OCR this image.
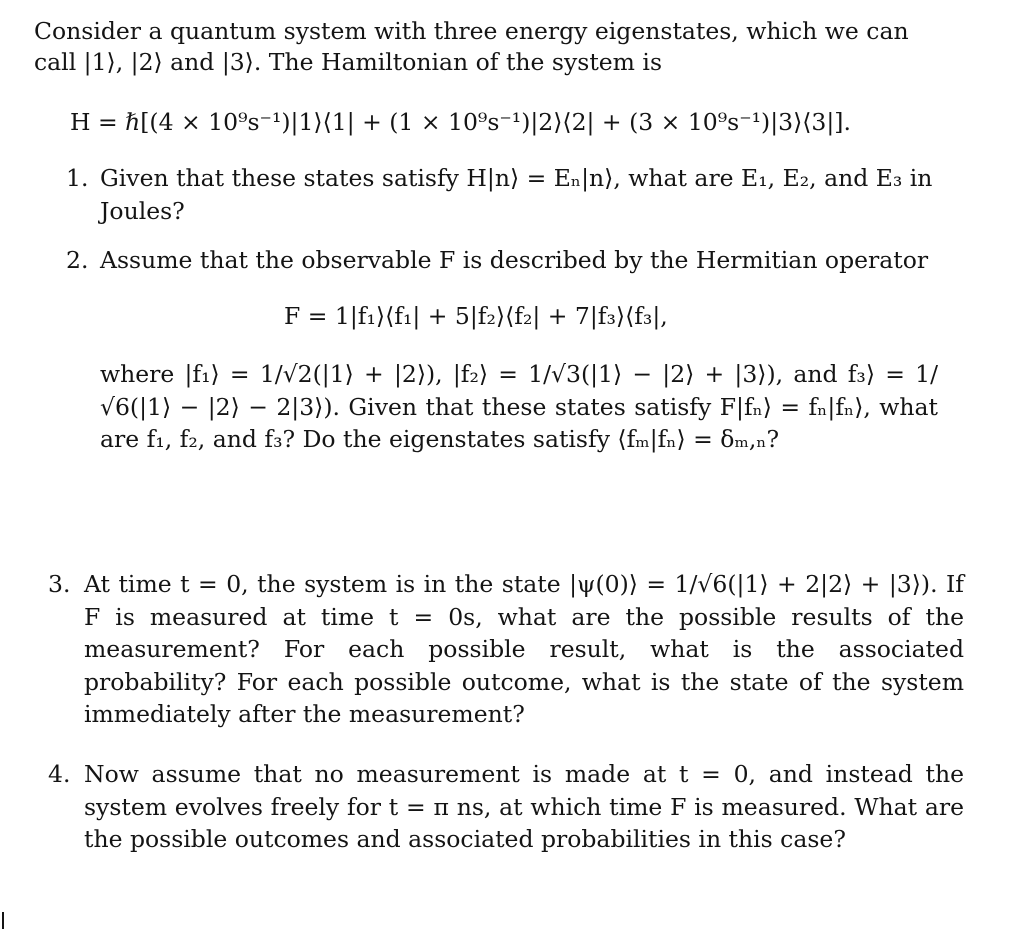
Consider a quantum system with three energy eigenstates, which we can call |1⟩, |2⟩ and |3⟩. The Hamiltonian of the system is
H = ℏ[(4 × 10⁹s⁻¹)|1⟩⟨1| + (1 × 10⁹s⁻¹)|2⟩⟨2| + (3 × 10⁹s⁻¹)|3⟩⟨3|].
1. Given that these states satisfy H|n⟩ = Eₙ|n⟩, what are E₁, E₂, and E₃ in Joules?
2. Assume that the observable F is described by the Hermitian operator
F = 1|f₁⟩⟨f₁| + 5|f₂⟩⟨f₂| + 7|f₃⟩⟨f₃|,
where |f₁⟩ = 1/√2(|1⟩ + |2⟩), |f₂⟩ = 1/√3(|1⟩ − |2⟩ + |3⟩), and f₃⟩ = 1/√6(|1⟩ − |2⟩ − 2|3⟩). Given that these states satisfy F|fₙ⟩ = fₙ|fₙ⟩, what are f₁, f₂, and f₃? Do the eigenstates satisfy ⟨fₘ|fₙ⟩ = δₘ,ₙ?
3. At time t = 0, the system is in the state |ψ(0)⟩ = 1/√6(|1⟩ + 2|2⟩ + |3⟩). If F is measured at time t = 0s, what are the possible results of the measurement? For each possible result, what is the associated probability? For each possible outcome, what is the state of the system immediately after the measurement?
4. Now assume that no measurement is made at t = 0, and instead the system evolves freely for t = π ns, at which time F is measured. What are the possible outcomes and associated probabilities in this case?
